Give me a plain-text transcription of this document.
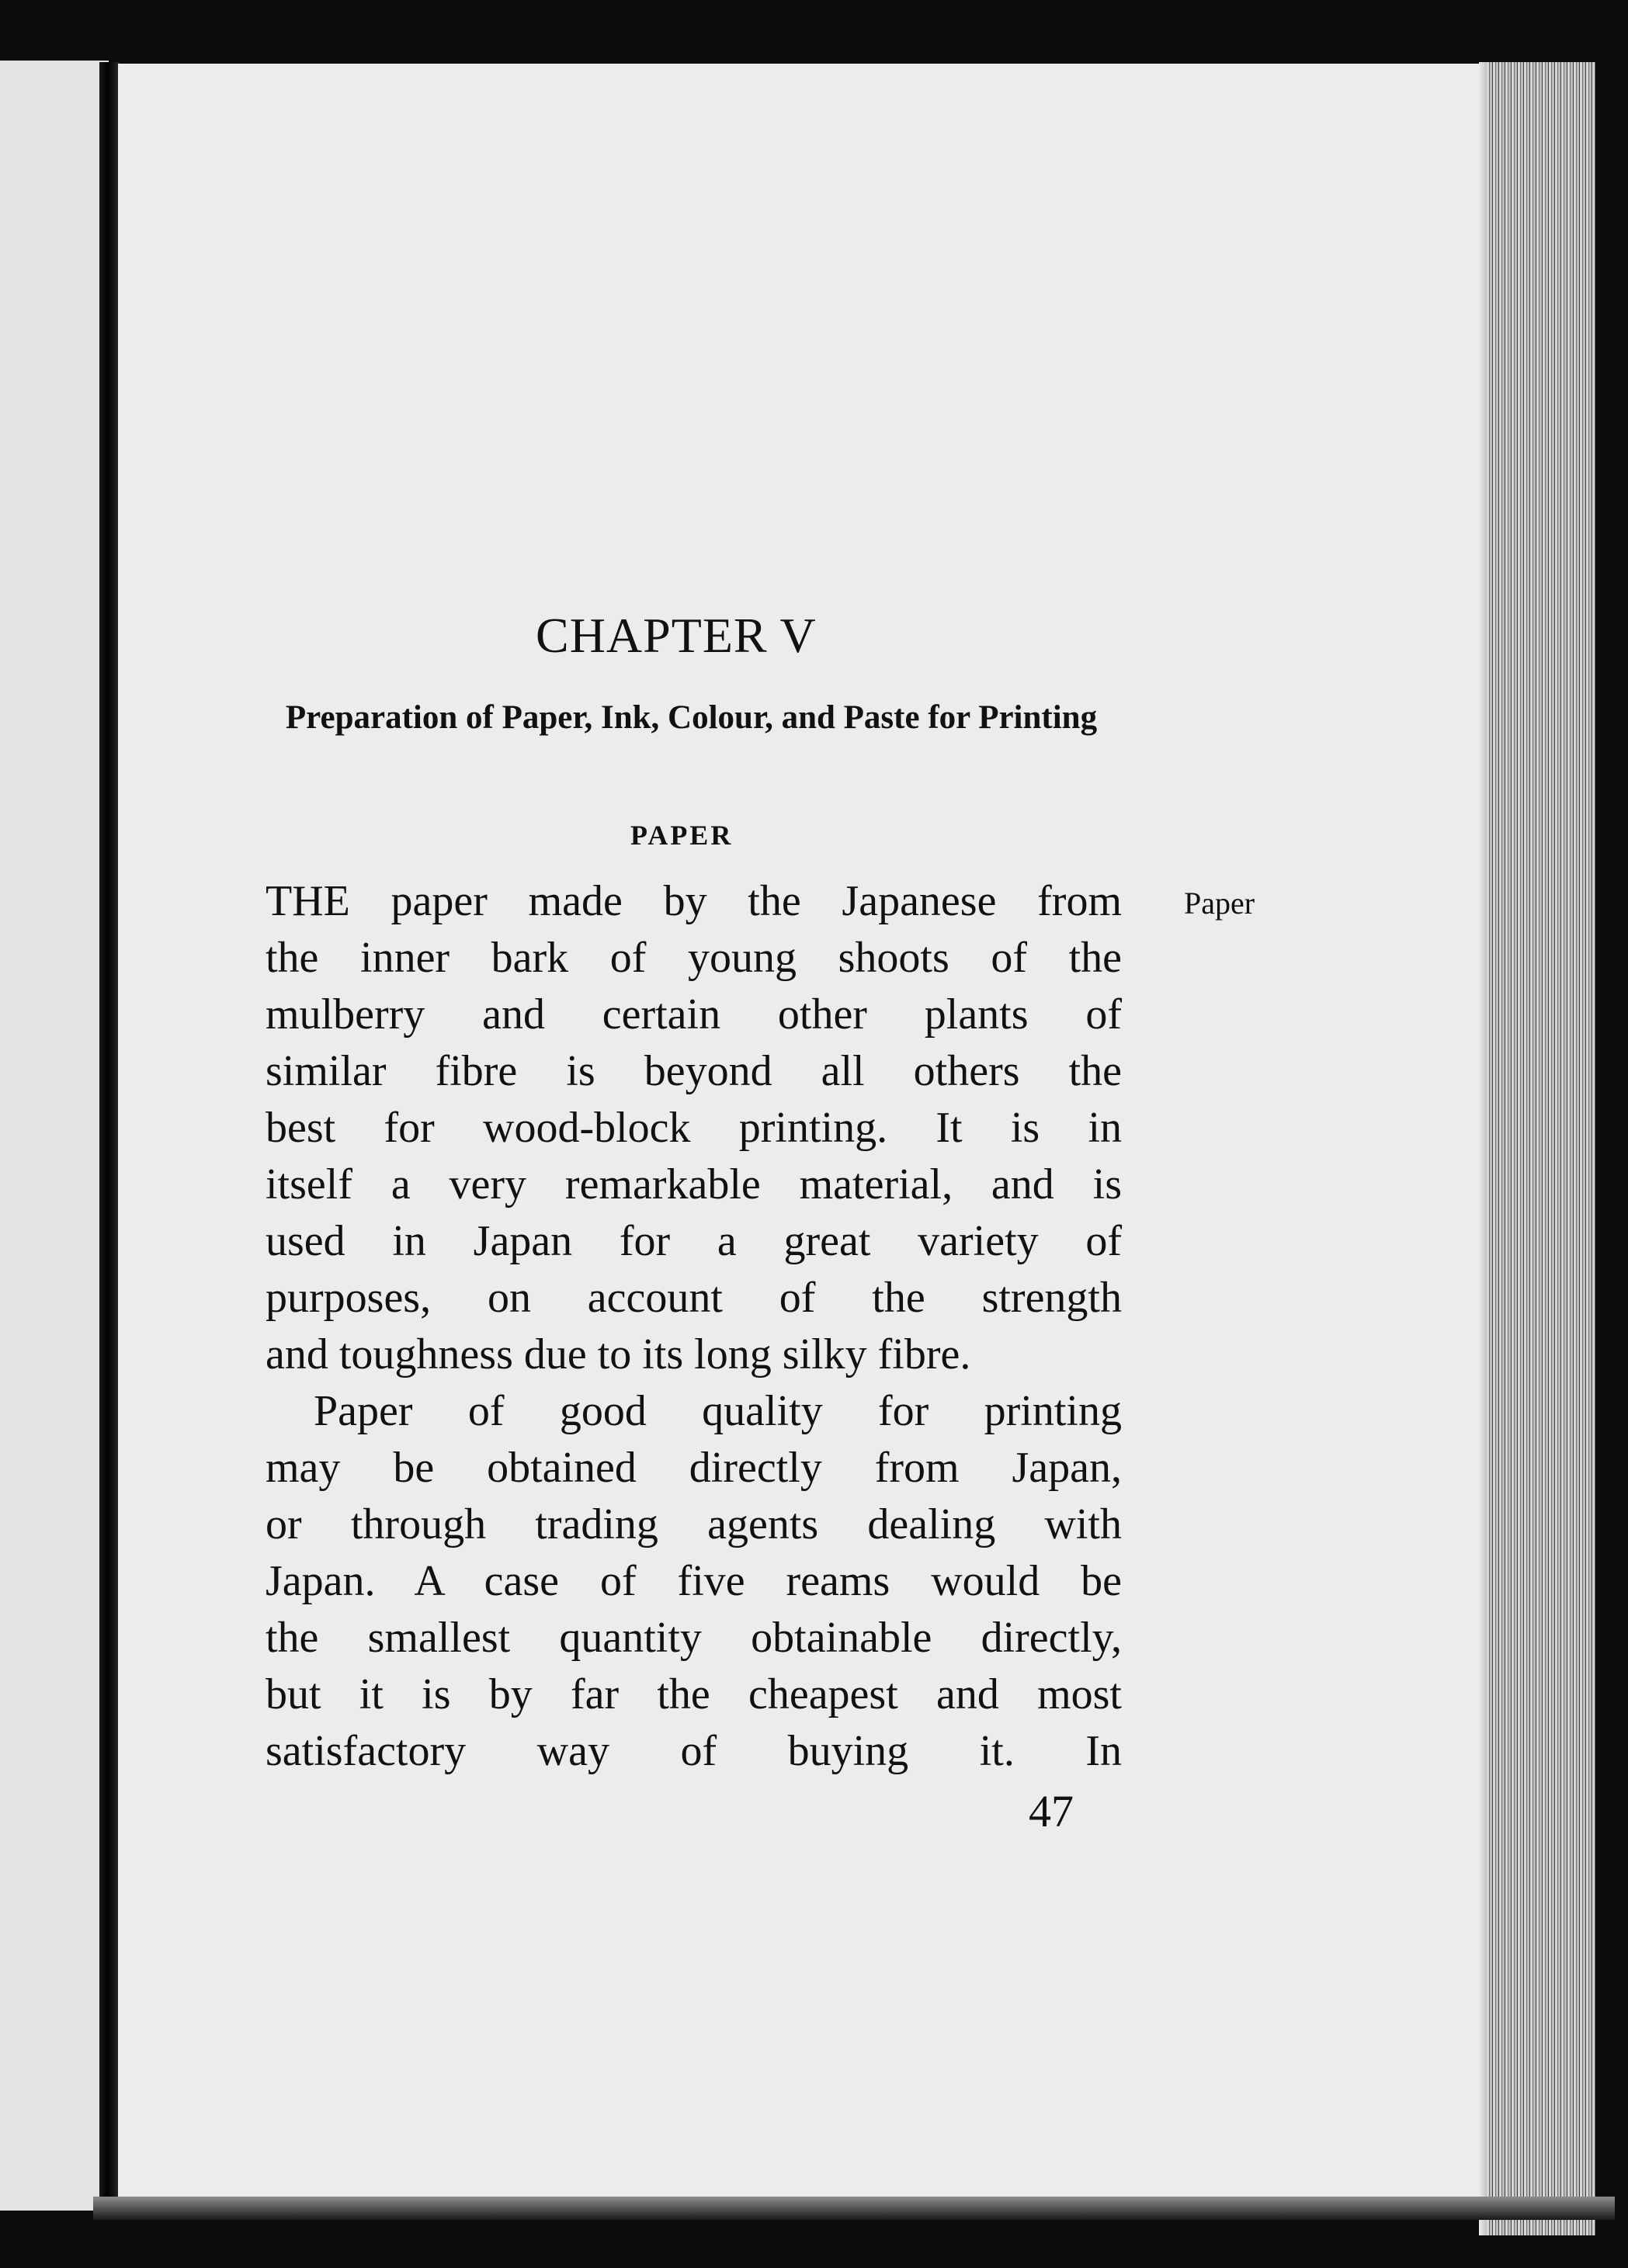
CHAPTER V
Preparation of Paper, Ink, Colour, and Paste for Printing
PAPER
Paper
THE paper made by the Japanese from
the inner bark of young shoots of the
mulberry and certain other plants of
similar fibre is beyond all others the
best for wood-block printing. It is in
itself a very remarkable material, and is
used in Japan for a great variety of
purposes, on account of the strength
and toughness due to its long silky fibre.
Paper of good quality for printing
may be obtained directly from Japan,
or through trading agents dealing with
Japan. A case of five reams would be
the smallest quantity obtainable directly,
but it is by far the cheapest and most
satisfactory way of buying it. In
47
